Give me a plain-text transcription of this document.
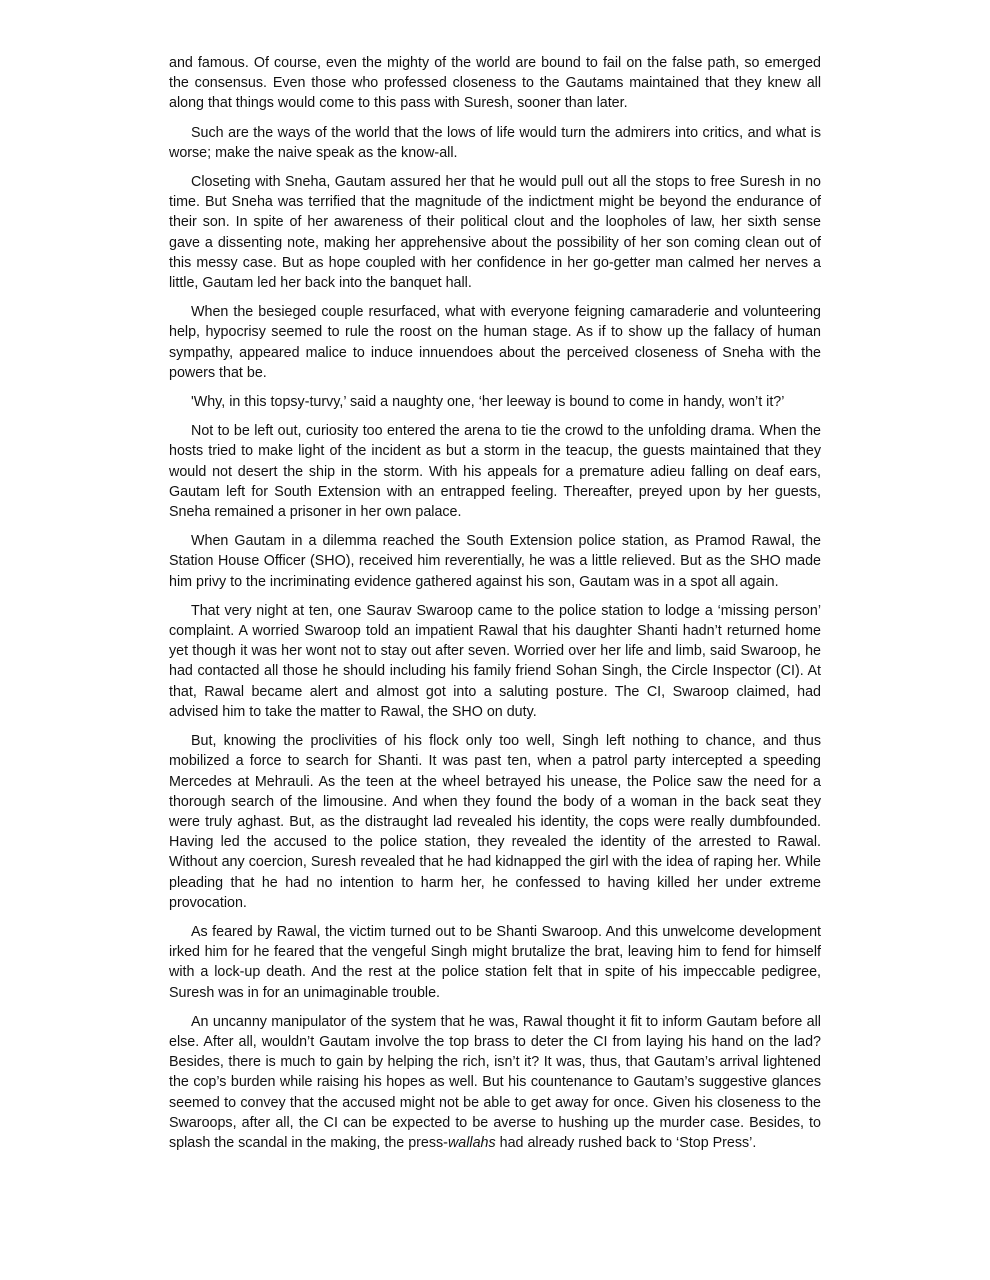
and famous. Of course, even the mighty of the world are bound to fail on the false path, so emerged the consensus. Even those who professed closeness to the Gautams maintained that they knew all along that things would come to this pass with Suresh, sooner than later.

Such are the ways of the world that the lows of life would turn the admirers into critics, and what is worse; make the naive speak as the know-all.

Closeting with Sneha, Gautam assured her that he would pull out all the stops to free Suresh in no time. But Sneha was terrified that the magnitude of the indictment might be beyond the endurance of their son. In spite of her awareness of their political clout and the loopholes of law, her sixth sense gave a dissenting note, making her apprehensive about the possibility of her son coming clean out of this messy case. But as hope coupled with her confidence in her go-getter man calmed her nerves a little, Gautam led her back into the banquet hall.

When the besieged couple resurfaced, what with everyone feigning camaraderie and volunteering help, hypocrisy seemed to rule the roost on the human stage. As if to show up the fallacy of human sympathy, appeared malice to induce innuendoes about the perceived closeness of Sneha with the powers that be.

'Why, in this topsy-turvy,’ said a naughty one, ‘her leeway is bound to come in handy, won’t it?’

Not to be left out, curiosity too entered the arena to tie the crowd to the unfolding drama. When the hosts tried to make light of the incident as but a storm in the teacup, the guests maintained that they would not desert the ship in the storm. With his appeals for a premature adieu falling on deaf ears, Gautam left for South Extension with an entrapped feeling. Thereafter, preyed upon by her guests, Sneha remained a prisoner in her own palace.

When Gautam in a dilemma reached the South Extension police station, as Pramod Rawal, the Station House Officer (SHO), received him reverentially, he was a little relieved. But as the SHO made him privy to the incriminating evidence gathered against his son, Gautam was in a spot all again.

That very night at ten, one Saurav Swaroop came to the police station to lodge a ‘missing person’ complaint. A worried Swaroop told an impatient Rawal that his daughter Shanti hadn’t returned home yet though it was her wont not to stay out after seven. Worried over her life and limb, said Swaroop, he had contacted all those he should including his family friend Sohan Singh, the Circle Inspector (CI). At that, Rawal became alert and almost got into a saluting posture. The CI, Swaroop claimed, had advised him to take the matter to Rawal, the SHO on duty.

But, knowing the proclivities of his flock only too well, Singh left nothing to chance, and thus mobilized a force to search for Shanti. It was past ten, when a patrol party intercepted a speeding Mercedes at Mehrauli. As the teen at the wheel betrayed his unease, the Police saw the need for a thorough search of the limousine. And when they found the body of a woman in the back seat they were truly aghast. But, as the distraught lad revealed his identity, the cops were really dumbfounded. Having led the accused to the police station, they revealed the identity of the arrested to Rawal. Without any coercion, Suresh revealed that he had kidnapped the girl with the idea of raping her. While pleading that he had no intention to harm her, he confessed to having killed her under extreme provocation.

As feared by Rawal, the victim turned out to be Shanti Swaroop. And this unwelcome development irked him for he feared that the vengeful Singh might brutalize the brat, leaving him to fend for himself with a lock-up death. And the rest at the police station felt that in spite of his impeccable pedigree, Suresh was in for an unimaginable trouble.

An uncanny manipulator of the system that he was, Rawal thought it fit to inform Gautam before all else. After all, wouldn’t Gautam involve the top brass to deter the CI from laying his hand on the lad? Besides, there is much to gain by helping the rich, isn’t it? It was, thus, that Gautam’s arrival lightened the cop’s burden while raising his hopes as well. But his countenance to Gautam’s suggestive glances seemed to convey that the accused might not be able to get away for once. Given his closeness to the Swaroops, after all, the CI can be expected to be averse to hushing up the murder case. Besides, to splash the scandal in the making, the press-wallahs had already rushed back to ‘Stop Press’.
